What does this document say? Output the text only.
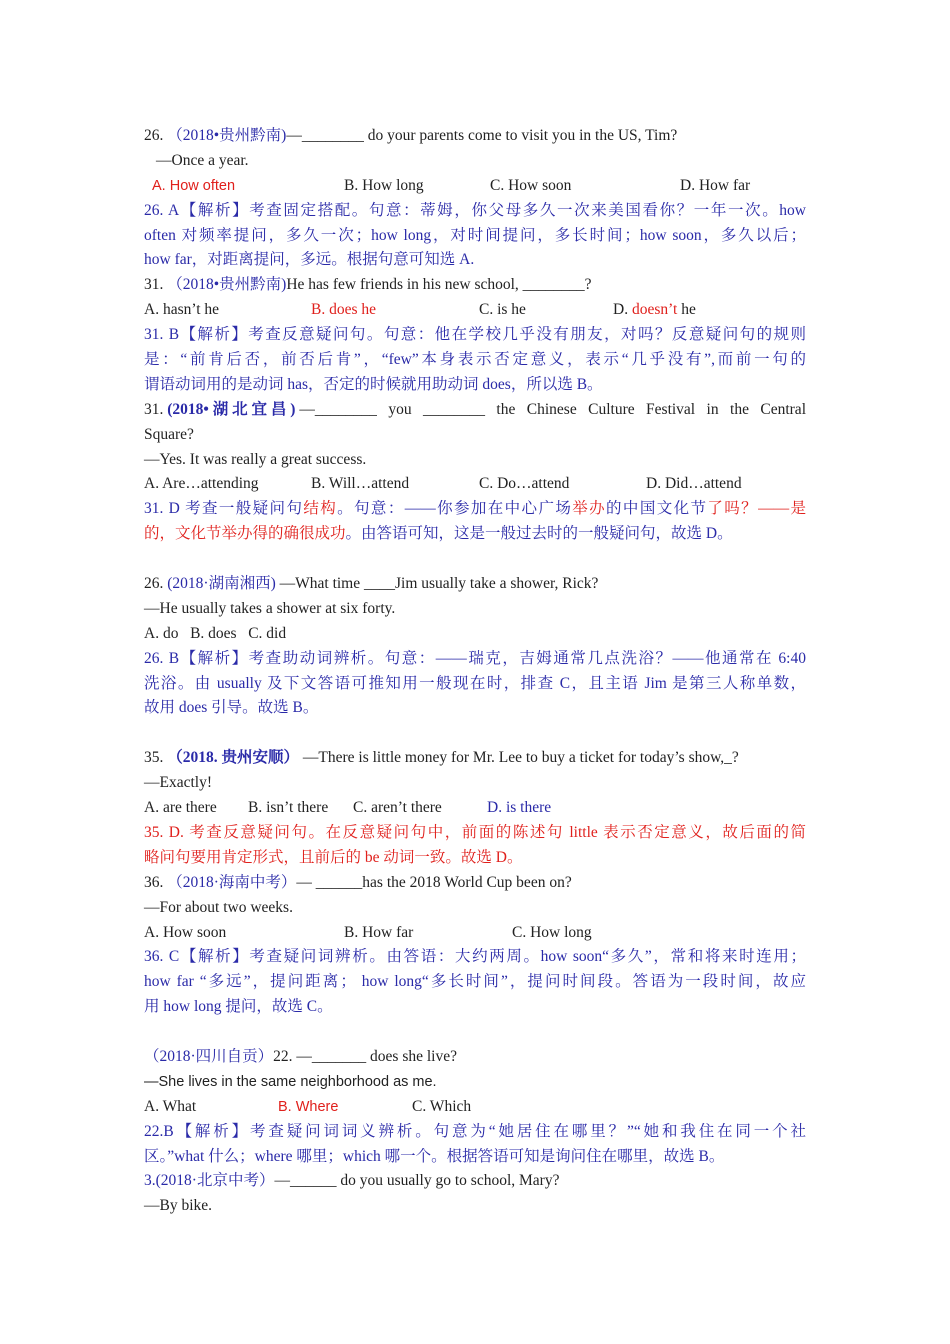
26. （2018•贵州黔南)—________ do your parents come to visit you in the US, Tim?
—Once a year.
A. How often	B. How long	C. How soon	D. How far
26. A【解析】考查固定搭配。句意：蒂姆，你父母多久一次来美国看你？一年一次。how
often 对频率提问，多久一次；how long，对时间提问，多长时间；how soon，多久以后；
how far，对距离提问，多远。根据句意可知选 A.
31. （2018•贵州黔南)He has few friends in his new school, ________?
A. hasn’t he	B. does he	C. is he	D. doesn’t he
31. B【解析】考查反意疑问句。句意：他在学校几乎没有朋友，对吗？反意疑问句的规则
是：“前肯后否，前否后肯”，“few”本身表示否定意义，表示“几乎没有”,而前一句的
谓语动词用的是动词 has，否定的时候就用助动词 does，所以选 B。
31. (2018• 湖 北 宜 昌 ) —________  you  ________  the  Chinese  Culture  Festival  in  the  Central
Square?
—Yes. It was really a great success.
A. Are…attending	B. Will…attend	C. Do…attend	D. Did…attend
31. D 考查一般疑问句结构。句意：——你参加在中心广场举办的中国文化节了吗？——是
的，文化节举办得的确很成功。由答语可知，这是一般过去时的一般疑问句，故选 D。
26. (2018·湖南湘西) —What time ____Jim usually take a shower, Rick?
—He usually takes a shower at six forty.
A. do   B. does   C. did
26. B【解析】考查助动词辨析。句意：——瑞克，吉姆通常几点洗浴？——他通常在 6:40
洗浴。由 usually 及下文答语可推知用一般现在时，排查 C，且主语 Jim 是第三人称单数，
故用 does 引导。故选 B。
35. （2018. 贵州安顺） —There is little money for Mr. Lee to buy a ticket for today’s show,_?
—Exactly!
A. are there B. isn’t there C. aren’t there	D. is there
35. D. 考查反意疑问句。在反意疑问句中，前面的陈述句 little 表示否定意义，故后面的简
略问句要用肯定形式，且前后的 be 动词一致。故选 D。
36. （2018·海南中考）— ______has the 2018 World Cup been on?
—For about two weeks.
A. How soon	B. How far	C. How long
36. C【解析】考查疑问词辨析。由答语：大约两周。how soon“多久”，常和将来时连用；
how far “多远”，提问距离； how long“多长时间”，提问时间段。答语为一段时间，故应
用 how long 提问，故选 C。
（2018·四川自贡）22. —_______ does she live?
—She lives in the same neighborhood as me.
A. What	B. Where	C. Which
22.B【解析】考查疑问词词义辨析。句意为“她居住在哪里？”“她和我住在同一个社
区。”what 什么；where 哪里；which 哪一个。根据答语可知是询问住在哪里，故选 B。
3.(2018·北京中考）—______ do you usually go to school, Mary?
—By bike.
